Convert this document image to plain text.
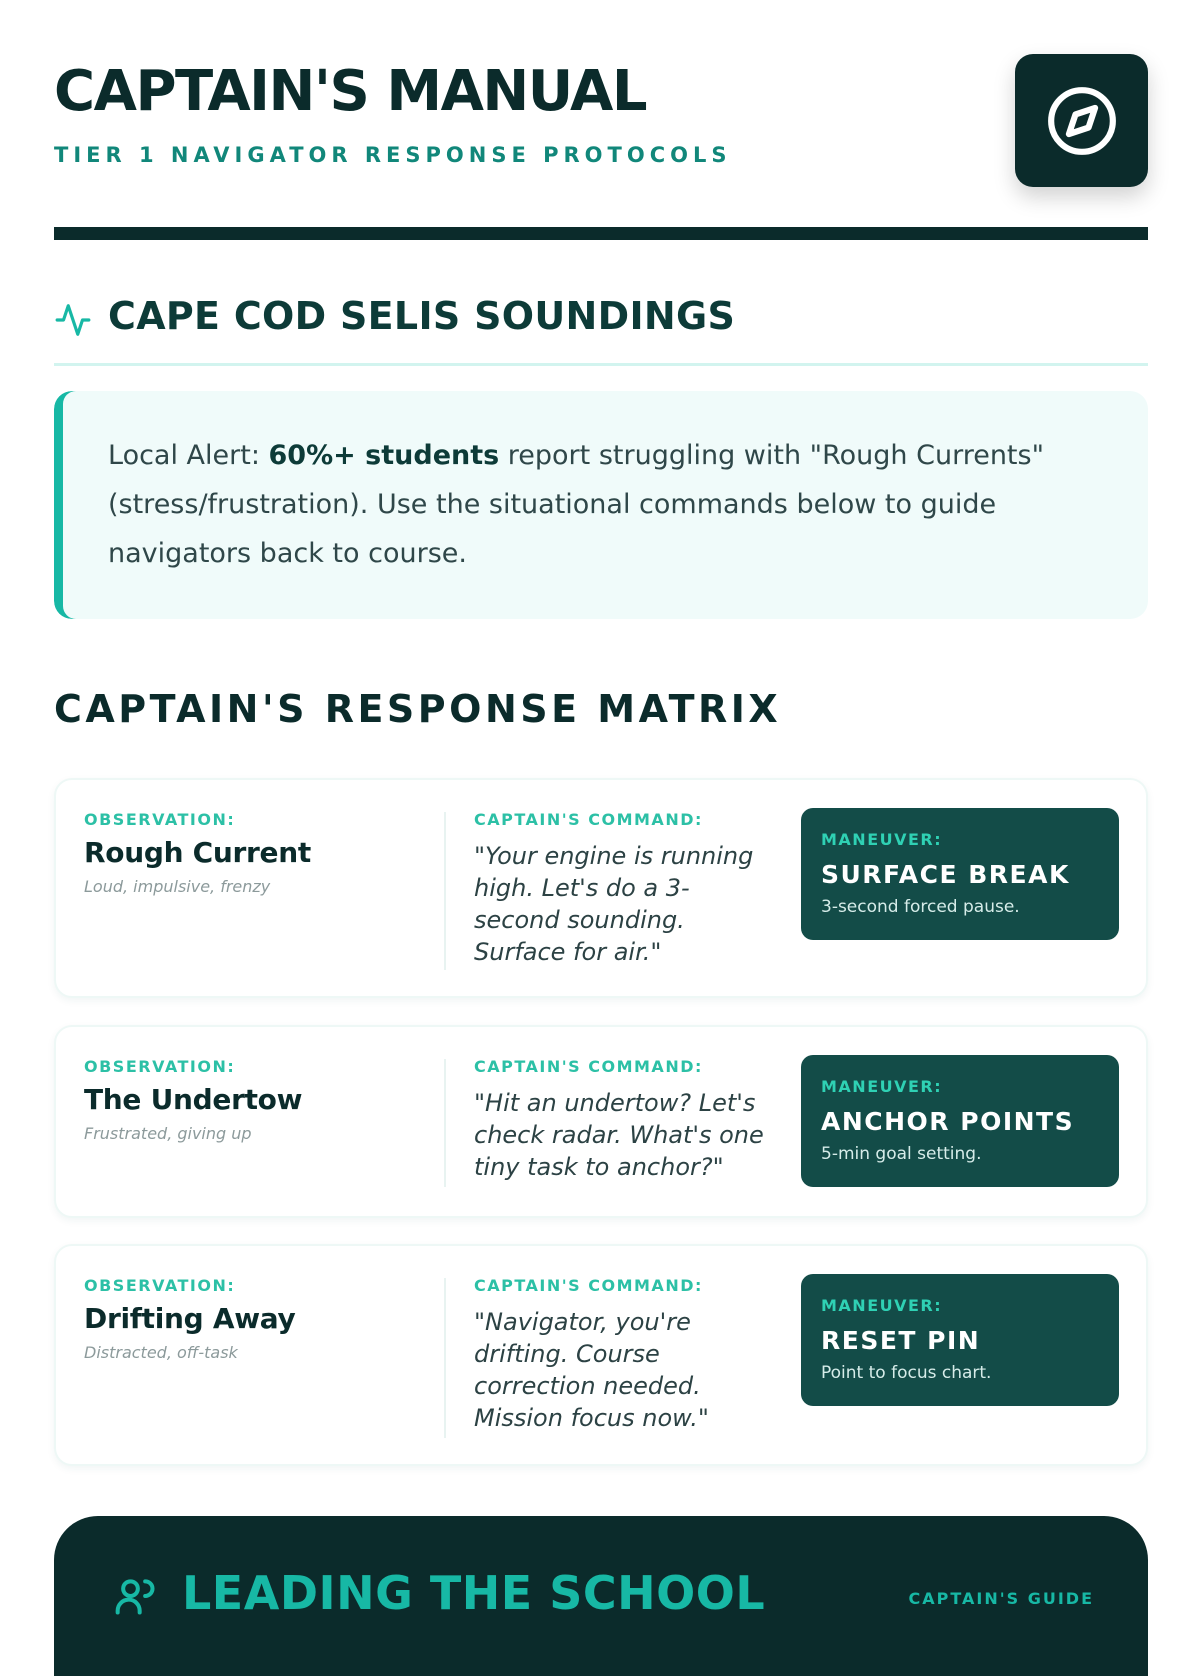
CAPTAIN'S MANUAL
TIER 1 NAVIGATOR RESPONSE PROTOCOLS
CAPE COD SELIS SOUNDINGS
Local Alert: 60%+ students report struggling with "Rough Currents" (stress/frustration). Use the situational commands below to guide navigators back to course.
CAPTAIN'S RESPONSE MATRIX
OBSERVATION:
Rough Current
Loud, impulsive, frenzy
CAPTAIN'S COMMAND:
"Your engine is running high. Let's do a 3-second sounding. Surface for air."
MANEUVER:
SURFACE BREAK
3-second forced pause.
OBSERVATION:
The Undertow
Frustrated, giving up
CAPTAIN'S COMMAND:
"Hit an undertow? Let's check radar. What's one tiny task to anchor?"
MANEUVER:
ANCHOR POINTS
5-min goal setting.
OBSERVATION:
Drifting Away
Distracted, off-task
CAPTAIN'S COMMAND:
"Navigator, you're drifting. Course correction needed. Mission focus now."
MANEUVER:
RESET PIN
Point to focus chart.
LEADING THE SCHOOL	CAPTAIN'S GUIDE
